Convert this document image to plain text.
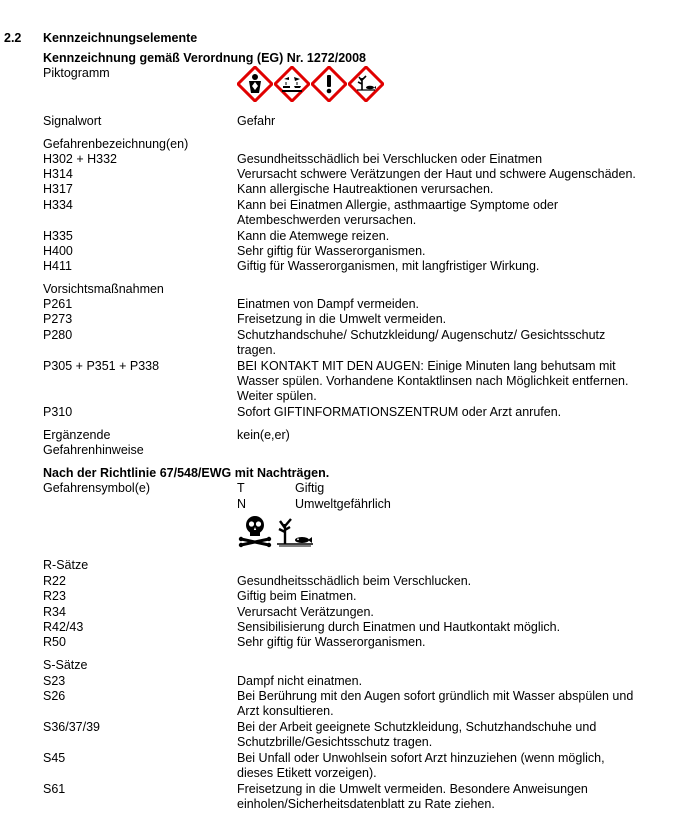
2.2 Kennzeichnungselemente
Kennzeichnung gemäß Verordnung (EG) Nr. 1272/2008
Piktogramm
Signalwort	Gefahr
Gefahrenbezeichnung(en)
H302 + H332	Gesundheitsschädlich bei Verschlucken oder Einatmen
H314	Verursacht schwere Verätzungen der Haut und schwere Augenschäden.
H317	Kann allergische Hautreaktionen verursachen.
H334	Kann bei Einatmen Allergie, asthmaartige Symptome oder
Atembeschwerden verursachen.
H335	Kann die Atemwege reizen.
H400	Sehr giftig für Wasserorganismen.
H411	Giftig für Wasserorganismen, mit langfristiger Wirkung.
Vorsichtsmaßnahmen
P261	Einatmen von Dampf vermeiden.
P273	Freisetzung in die Umwelt vermeiden.
P280	Schutzhandschuhe/ Schutzkleidung/ Augenschutz/ Gesichtsschutz
tragen.
P305 + P351 + P338	BEI KONTAKT MIT DEN AUGEN: Einige Minuten lang behutsam mit
Wasser spülen. Vorhandene Kontaktlinsen nach Möglichkeit entfernen.
Weiter spülen.
P310	Sofort GIFTINFORMATIONSZENTRUM oder Arzt anrufen.
Ergänzende
Gefahrenhinweise
kein(e,er)
Nach der Richtlinie 67/548/EWG mit Nachträgen.
Gefahrensymbol(e)	T	Giftig
N	Umweltgefährlich
R-Sätze
R22	Gesundheitsschädlich beim Verschlucken.
R23	Giftig beim Einatmen.
R34	Verursacht Verätzungen.
R42/43	Sensibilisierung durch Einatmen und Hautkontakt möglich.
R50	Sehr giftig für Wasserorganismen.
S-Sätze
S23	Dampf nicht einatmen.
S26	Bei Berührung mit den Augen sofort gründlich mit Wasser abspülen und
Arzt konsultieren.
S36/37/39	Bei der Arbeit geeignete Schutzkleidung, Schutzhandschuhe und
Schutzbrille/Gesichtsschutz tragen.
S45	Bei Unfall oder Unwohlsein sofort Arzt hinzuziehen (wenn möglich,
dieses Etikett vorzeigen).
S61	Freisetzung in die Umwelt vermeiden. Besondere Anweisungen
einholen/Sicherheitsdatenblatt zu Rate ziehen.
